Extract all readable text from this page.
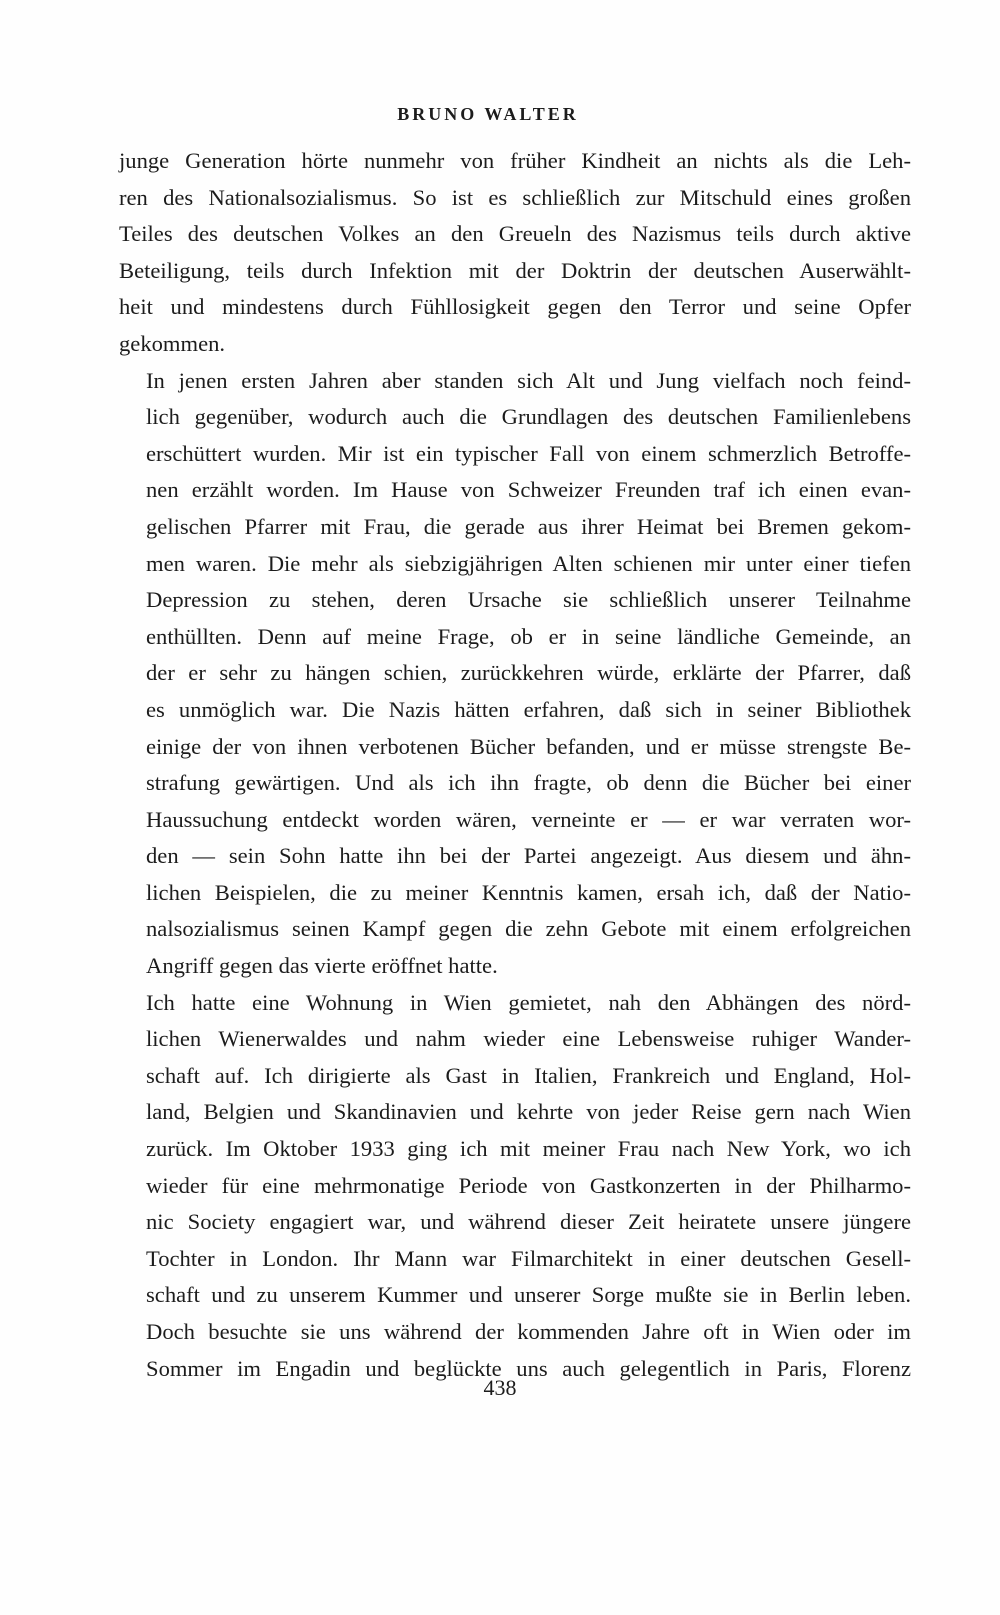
BRUNO WALTER

junge Generation hörte nunmehr von früher Kindheit an nichts als die Leh-
ren des Nationalsozialismus. So ist es schließlich zur Mitschuld eines großen
Teiles des deutschen Volkes an den Greueln des Nazismus teils durch aktive
Beteiligung, teils durch Infektion mit der Doktrin der deutschen Auserwählt-
heit und mindestens durch Fühllosigkeit gegen den Terror und seine Opfer
gekommen.

In jenen ersten Jahren aber standen sich Alt und Jung vielfach noch feind-
lich gegenüber, wodurch auch die Grundlagen des deutschen Familienlebens
erschüttert wurden. Mir ist ein typischer Fall von einem schmerzlich Betroffe-
nen erzählt worden. Im Hause von Schweizer Freunden traf ich einen evan-
gelischen Pfarrer mit Frau, die gerade aus ihrer Heimat bei Bremen gekom-
men waren. Die mehr als siebzigjährigen Alten schienen mir unter einer tiefen
Depression zu stehen, deren Ursache sie schließlich unserer Teilnahme
enthüllten. Denn auf meine Frage, ob er in seine ländliche Gemeinde, an
der er sehr zu hängen schien, zurückkehren würde, erklärte der Pfarrer, daß
es unmöglich war. Die Nazis hätten erfahren, daß sich in seiner Bibliothek
einige der von ihnen verbotenen Bücher befanden, und er müsse strengste Be-
strafung gewärtigen. Und als ich ihn fragte, ob denn die Bücher bei einer
Haussuchung entdeckt worden wären, verneinte er — er war verraten wor-
den — sein Sohn hatte ihn bei der Partei angezeigt. Aus diesem und ähn-
lichen Beispielen, die zu meiner Kenntnis kamen, ersah ich, daß der Natio-
nalsozialismus seinen Kampf gegen die zehn Gebote mit einem erfolgreichen
Angriff gegen das vierte eröffnet hatte.

Ich hatte eine Wohnung in Wien gemietet, nah den Abhängen des nörd-
lichen Wienerwaldes und nahm wieder eine Lebensweise ruhiger Wander-
schaft auf. Ich dirigierte als Gast in Italien, Frankreich und England, Hol-
land, Belgien und Skandinavien und kehrte von jeder Reise gern nach Wien
zurück. Im Oktober 1933 ging ich mit meiner Frau nach New York, wo ich
wieder für eine mehrmonatige Periode von Gastkonzerten in der Philharmo-
nic Society engagiert war, und während dieser Zeit heiratete unsere jüngere
Tochter in London. Ihr Mann war Filmarchitekt in einer deutschen Gesell-
schaft und zu unserem Kummer und unserer Sorge mußte sie in Berlin leben.
Doch besuchte sie uns während der kommenden Jahre oft in Wien oder im
Sommer im Engadin und beglückte uns auch gelegentlich in Paris, Florenz

438
